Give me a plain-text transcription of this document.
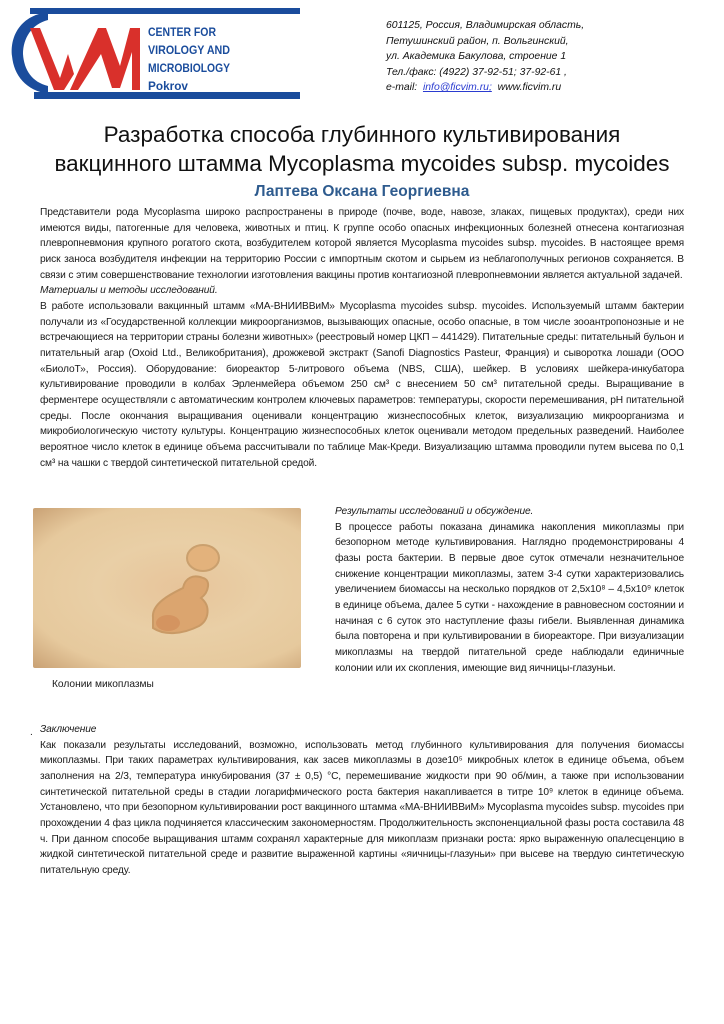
CENTER FOR
VIROLOGY AND
MICROBIOLOGY
Pokrov
601125, Россия, Владимирская область,
Петушинский район, п. Вольгинский,
ул. Академика Бакулова, строение 1
Тел./факс: (4922) 37-92-51; 37-92-61 ,
e-mail: info@ficvim.ru; www.ficvim.ru
Разработка способа глубинного культивирования
вакцинного штамма Mycoplasma mycoides subsp. mycoides
Лаптева Оксана Георгиевна

Представители рода Mycoplasma широко распространены в природе (почве, воде, навозе, злаках, пищевых продуктах), среди них имеются виды, патогенные для человека, животных и птиц. К группе особо опасных инфекционных болезней отнесена контагиозная плевропневмония крупного рогатого скота, возбудителем которой является Mycoplasma mycoides subsp. mycoides. В настоящее время риск заноса возбудителя инфекции на территорию России с импортным скотом и сырьем из неблагополучных регионов сохраняется. В связи с этим совершенствование технологии изготовления вакцины против контагиозной плевропневмонии является актуальной задачей.

Материалы и методы исследований.

В работе использовали вакцинный штамм «МА-ВНИИВВиМ» Mycoplasma mycoides subsp. mycoides. Используемый штамм бактерии получали из «Государственной коллекции микроорганизмов, вызывающих опасные, особо опасные, в том числе зооантропонозные и не встречающиеся на территории страны болезни животных» (реестровый номер ЦКП – 441429). Питательные среды: питательный бульон и питательный агар (Oxoid Ltd., Великобритания), дрожжевой экстракт (Sanofi Diagnostics Pasteur, Франция) и сыворотка лошади (ООО «БиолоТ», Россия). Оборудование: биореактор 5-литрового объема (NBS, США), шейкер. В условиях шейкера-инкубатора культивирование проводили в колбах Эрленмейера объемом 250 см³ с внесением 50 см³ питательной среды. Выращивание в ферментере осуществляли с автоматическим контролем ключевых параметров: температуры, скорости перемешивания, pH питательной среды. После окончания выращивания оценивали концентрацию жизнеспособных клеток, визуализацию микроорганизма и микробиологическую чистоту культуры. Концентрацию жизнеспособных клеток оценивали методом предельных разведений. Наиболее вероятное число клеток в единице объема рассчитывали по таблице Мак-Креди. Визуализацию штамма проводили путем высева по 0,1 см³ на чашки с твердой синтетической питательной средой.

Колонии микоплазмы

Результаты исследований и обсуждение.

В процессе работы показана динамика накопления микоплазмы при безопорном методе культивирования. Наглядно продемонстрированы 4 фазы роста бактерии. В первые двое суток отмечали незначительное снижение концентрации микоплазмы, затем 3-4 сутки характеризовались увеличением биомассы на несколько порядков от 2,5x10⁸ – 4,5x10⁹ клеток в единице объема, далее 5 сутки - нахождение в равновесном состоянии и начиная с 6 суток это наступление фазы гибели. Выявленная динамика была повторена и при культивировании в биореакторе. При визуализации микоплазмы на твердой питательной среде наблюдали единичные колонии или их скопления, имеющие вид яичницы-глазуньи.

. Заключение

Как показали результаты исследований, возможно, использовать метод глубинного культивирования для получения биомассы микоплазмы. При таких параметрах культивирования, как засев микоплазмы в дозе10⁵ микробных клеток в единице объема, объем заполнения на 2/3, температура инкубирования (37 ± 0,5) °С, перемешивание жидкости при 90 об/мин, а также при использовании синтетической питательной среды в стадии логарифмического роста бактерия накапливается в титре 10⁹ клеток в единице объема. Установлено, что при безопорном культивировании рост вакцинного штамма «МА-ВНИИВВиМ» Mycoplasma mycoides subsp. mycoides при прохождении 4 фаз цикла подчиняется классическим закономерностям. Продолжительность экспоненциальной фазы роста составила 48 ч. При данном способе выращивания штамм сохранял характерные для микоплазм признаки роста: ярко выраженную опалесценцию в жидкой синтетической питательной среде и развитие выраженной картины «яичницы-глазуньи» при высеве на твердую синтетическую питательную среду.
